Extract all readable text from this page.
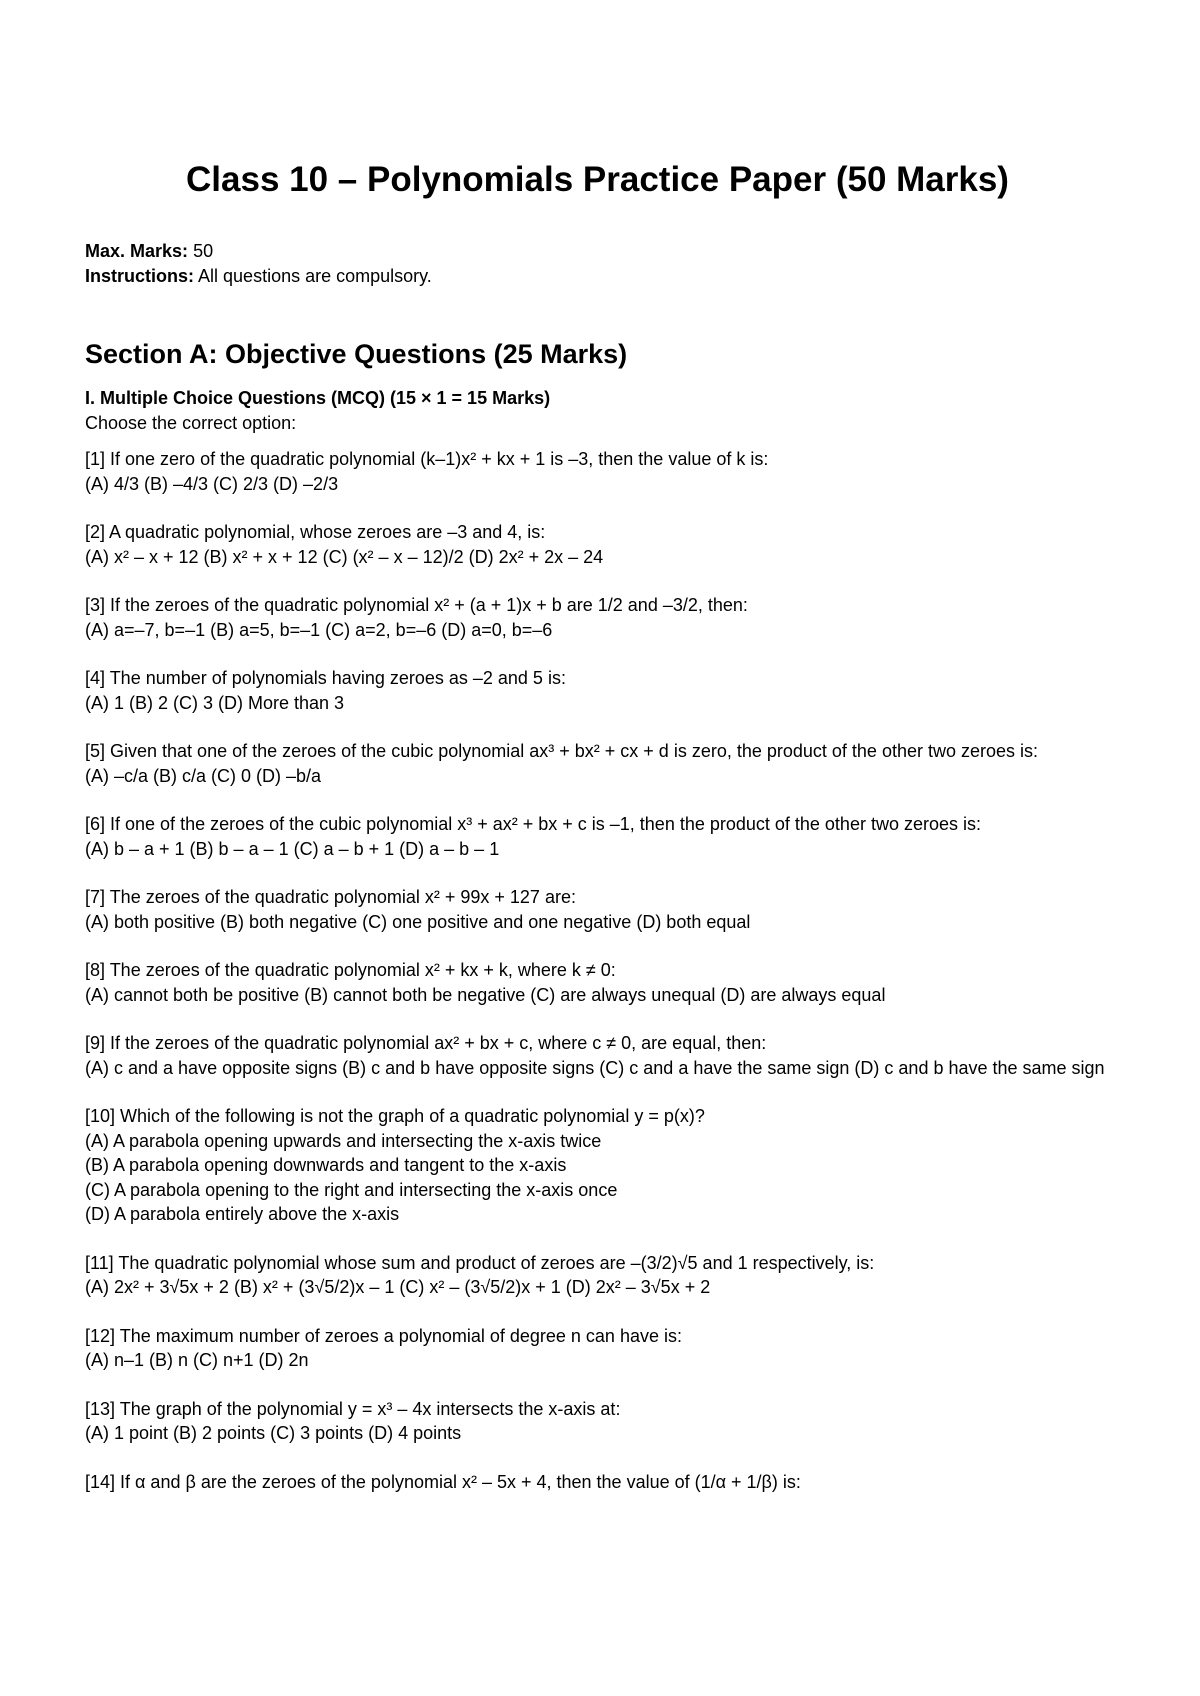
Class 10 – Polynomials Practice Paper (50 Marks)
Max. Marks: 50
Instructions: All questions are compulsory.
Section A: Objective Questions (25 Marks)
I. Multiple Choice Questions (MCQ) (15 × 1 = 15 Marks)
Choose the correct option:
[1] If one zero of the quadratic polynomial (k–1)x² + kx + 1 is –3, then the value of k is:
(A) 4/3 (B) –4/3 (C) 2/3 (D) –2/3
[2] A quadratic polynomial, whose zeroes are –3 and 4, is:
(A) x² – x + 12 (B) x² + x + 12 (C) (x² – x – 12)/2 (D) 2x² + 2x – 24
[3] If the zeroes of the quadratic polynomial x² + (a + 1)x + b are 1/2 and –3/2, then:
(A) a=–7, b=–1 (B) a=5, b=–1 (C) a=2, b=–6 (D) a=0, b=–6
[4] The number of polynomials having zeroes as –2 and 5 is:
(A) 1 (B) 2 (C) 3 (D) More than 3
[5] Given that one of the zeroes of the cubic polynomial ax³ + bx² + cx + d is zero, the product of the other two zeroes is:
(A) –c/a (B) c/a (C) 0 (D) –b/a
[6] If one of the zeroes of the cubic polynomial x³ + ax² + bx + c is –1, then the product of the other two zeroes is:
(A) b – a + 1 (B) b – a – 1 (C) a – b + 1 (D) a – b – 1
[7] The zeroes of the quadratic polynomial x² + 99x + 127 are:
(A) both positive (B) both negative (C) one positive and one negative (D) both equal
[8] The zeroes of the quadratic polynomial x² + kx + k, where k ≠ 0:
(A) cannot both be positive (B) cannot both be negative (C) are always unequal (D) are always equal
[9] If the zeroes of the quadratic polynomial ax² + bx + c, where c ≠ 0, are equal, then:
(A) c and a have opposite signs (B) c and b have opposite signs (C) c and a have the same sign (D) c and b have the same sign
[10] Which of the following is not the graph of a quadratic polynomial y = p(x)?
(A) A parabola opening upwards and intersecting the x-axis twice
(B) A parabola opening downwards and tangent to the x-axis
(C) A parabola opening to the right and intersecting the x-axis once
(D) A parabola entirely above the x-axis
[11] The quadratic polynomial whose sum and product of zeroes are –(3/2)√5 and 1 respectively, is:
(A) 2x² + 3√5x + 2 (B) x² + (3√5/2)x – 1 (C) x² – (3√5/2)x + 1 (D) 2x² – 3√5x + 2
[12] The maximum number of zeroes a polynomial of degree n can have is:
(A) n–1 (B) n (C) n+1 (D) 2n
[13] The graph of the polynomial y = x³ – 4x intersects the x-axis at:
(A) 1 point (B) 2 points (C) 3 points (D) 4 points
[14] If α and β are the zeroes of the polynomial x² – 5x + 4, then the value of (1/α + 1/β) is:
